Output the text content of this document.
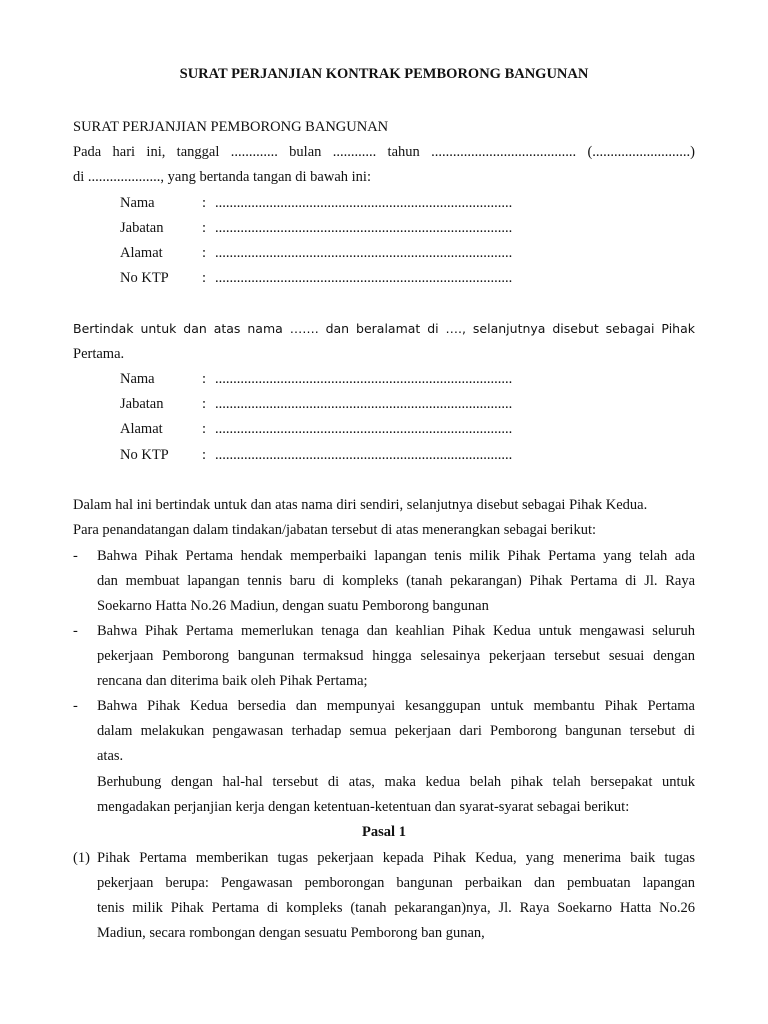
SURAT PERJANJIAN KONTRAK PEMBORONG BANGUNAN
SURAT PERJANJIAN PEMBORONG BANGUNAN
Pada hari ini, tanggal ............. bulan ............ tahun ........................................ (...........................)
di ...................., yang bertanda tangan di bawah ini:
Nama	: ..................................................................................
Jabatan	: ..................................................................................
Alamat	: ..................................................................................
No KTP : ..................................................................................
Bertindak untuk dan atas nama ……. dan beralamat di …., selanjutnya disebut sebagai Pihak
Pertama.
Nama	: ..................................................................................
Jabatan	: ..................................................................................
Alamat	: ..................................................................................
No KTP : ..................................................................................
Dalam hal ini bertindak untuk dan atas nama diri sendiri, selanjutnya disebut sebagai Pihak Kedua.
Para penandatangan dalam tindakan/jabatan tersebut di atas menerangkan sebagai berikut:
- Bahwa Pihak Pertama hendak memperbaiki lapangan tenis milik Pihak Pertama yang telah ada
dan membuat lapangan tennis baru di kompleks (tanah pekarangan) Pihak Pertama di Jl. Raya
Soekarno Hatta No.26 Madiun, dengan suatu Pemborong bangunan
- Bahwa Pihak Pertama memerlukan tenaga dan keahlian Pihak Kedua untuk mengawasi seluruh
pekerjaan Pemborong bangunan termaksud hingga selesainya pekerjaan tersebut sesuai dengan
rencana dan diterima baik oleh Pihak Pertama;
- Bahwa Pihak Kedua bersedia dan mempunyai kesanggupan untuk membantu Pihak Pertama
dalam melakukan pengawasan terhadap semua pekerjaan dari Pemborong bangunan tersebut di
atas.
Berhubung dengan hal-hal tersebut di atas, maka kedua belah pihak telah bersepakat untuk
mengadakan perjanjian kerja dengan ketentuan-ketentuan dan syarat-syarat sebagai berikut:
Pasal 1
(1) Pihak Pertama memberikan tugas pekerjaan kepada Pihak Kedua, yang menerima baik tugas
pekerjaan berupa: Pengawasan pemborongan bangunan perbaikan dan pembuatan lapangan
tenis milik Pihak Pertama di kompleks (tanah pekarangan)nya, Jl. Raya Soekarno Hatta No.26
Madiun, secara rombongan dengan sesuatu Pemborong ban gunan,
